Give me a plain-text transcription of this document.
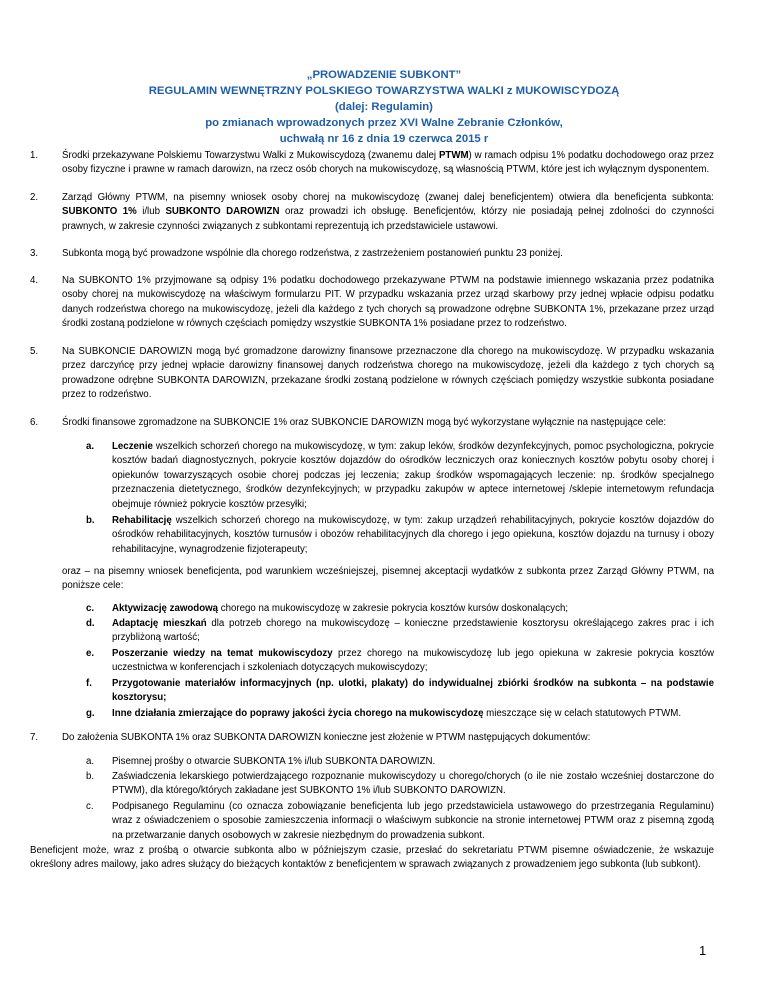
„PROWADZENIE SUBKONT”
REGULAMIN WEWNĘTRZNY POLSKIEGO TOWARZYSTWA WALKI z MUKOWISCYDOZĄ
(dalej: Regulamin)
po zmianach wprowadzonych przez XVI Walne Zebranie Członków,
uchwałą nr 16 z dnia 19 czerwca 2015 r
1. Środki przekazywane Polskiemu Towarzystwu Walki z Mukowiscydozą (zwanemu dalej PTWM) w ramach odpisu 1% podatku dochodowego oraz przez osoby fizyczne i prawne w ramach darowizn, na rzecz osób chorych na mukowiscydozę, są własnością PTWM, które jest ich wyłącznym dysponentem.
2. Zarząd Główny PTWM, na pisemny wniosek osoby chorej na mukowiscydozę (zwanej dalej beneficjentem) otwiera dla beneficjenta subkonta: SUBKONTO 1% i/lub SUBKONTO DAROWIZN oraz prowadzi ich obsługę. Beneficjentów, którzy nie posiadają pełnej zdolności do czynności prawnych, w zakresie czynności związanych z subkontami reprezentują ich przedstawiciele ustawowi.
3. Subkonta mogą być prowadzone wspólnie dla chorego rodzeństwa, z zastrzeżeniem postanowień punktu 23 poniżej.
4. Na SUBKONTO 1% przyjmowane są odpisy 1% podatku dochodowego przekazywane PTWM na podstawie imiennego wskazania przez podatnika osoby chorej na mukowiscydozę na właściwym formularzu PIT. W przypadku wskazania przez urząd skarbowy przy jednej wpłacie odpisu podatku danych rodzeństwa chorego na mukowiscydozę, jeżeli dla każdego z tych chorych są prowadzone odrębne SUBKONTA 1%, przekazane przez urząd środki zostaną podzielone w równych częściach pomiędzy wszystkie SUBKONTA 1% posiadane przez to rodzeństwo.
5. Na SUBKONCIE DAROWIZN mogą być gromadzone darowizny finansowe przeznaczone dla chorego na mukowiscydozę. W przypadku wskazania przez darczyńcę przy jednej wpłacie darowizny finansowej danych rodzeństwa chorego na mukowiscydozę, jeżeli dla każdego z tych chorych są prowadzone odrębne SUBKONTA DAROWIZN, przekazane środki zostaną podzielone w równych częściach pomiędzy wszystkie subkonta posiadane przez to rodzeństwo.
6. Środki finansowe zgromadzone na SUBKONCIE 1% oraz SUBKONCIE DAROWIZN mogą być wykorzystane wyłącznie na następujące cele:
a. Leczenie wszelkich schorzeń chorego na mukowiscydozę, w tym: zakup leków, środków dezynfekcyjnych, pomoc psychologiczna, pokrycie kosztów badań diagnostycznych, pokrycie kosztów dojazdów do ośrodków leczniczych oraz koniecznych kosztów pobytu osoby chorej i opiekunów towarzyszących osobie chorej podczas jej leczenia; zakup środków wspomagających leczenie: np. środków specjalnego przeznaczenia dietetycznego, środków dezynfekcyjnych; w przypadku zakupów w aptece internetowej /sklepie internetowym refundacja obejmuje również pokrycie kosztów przesyłki;
b. Rehabilitację wszelkich schorzeń chorego na mukowiscydozę, w tym: zakup urządzeń rehabilitacyjnych, pokrycie kosztów dojazdów do ośrodków rehabilitacyjnych, kosztów turnusów i obozów rehabilitacyjnych dla chorego i jego opiekuna, kosztów dojazdu na turnusy i obozy rehabilitacyjne, wynagrodzenie fizjoterapeuty;
oraz – na pisemny wniosek beneficjenta, pod warunkiem wcześniejszej, pisemnej akceptacji wydatków z subkonta przez Zarząd Główny PTWM, na poniższe cele:
c. Aktywizację zawodową chorego na mukowiscydozę w zakresie pokrycia kosztów kursów doskonalących;
d. Adaptację mieszkań dla potrzeb chorego na mukowiscydozę – konieczne przedstawienie kosztorysu określającego zakres prac i ich przybliżoną wartość;
e. Poszerzanie wiedzy na temat mukowiscydozy przez chorego na mukowiscydozę lub jego opiekuna w zakresie pokrycia kosztów uczestnictwa w konferencjach i szkoleniach dotyczących mukowiscydozy;
f. Przygotowanie materiałów informacyjnych (np. ulotki, plakaty) do indywidualnej zbiórki środków na subkonta – na podstawie kosztorysu;
g. Inne działania zmierzające do poprawy jakości życia chorego na mukowiscydozę mieszczące się w celach statutowych PTWM.
7. Do założenia SUBKONTA 1% oraz SUBKONTA DAROWIZN konieczne jest złożenie w PTWM następujących dokumentów:
a. Pisemnej prośby o otwarcie SUBKONTA 1% i/lub SUBKONTA DAROWIZN.
b. Zaświadczenia lekarskiego potwierdzającego rozpoznanie mukowiscydozy u chorego/chorych (o ile nie zostało wcześniej dostarczone do PTWM), dla którego/których zakładane jest SUBKONTO 1% i/lub SUBKONTO DAROWIZN.
c. Podpisanego Regulaminu (co oznacza zobowiązanie beneficjenta lub jego przedstawiciela ustawowego do przestrzegania Regulaminu) wraz z oświadczeniem o sposobie zamieszczenia informacji o właściwym subkoncie na stronie internetowej PTWM oraz z pisemną zgodą na przetwarzanie danych osobowych w zakresie niezbędnym do prowadzenia subkont.
Beneficjent może, wraz z prośbą o otwarcie subkonta albo w późniejszym czasie, przesłać do sekretariatu PTWM pisemne oświadczenie, że wskazuje określony adres mailowy, jako adres służący do bieżących kontaktów z beneficjentem w sprawach związanych z prowadzeniem jego subkonta (lub subkont).
1
